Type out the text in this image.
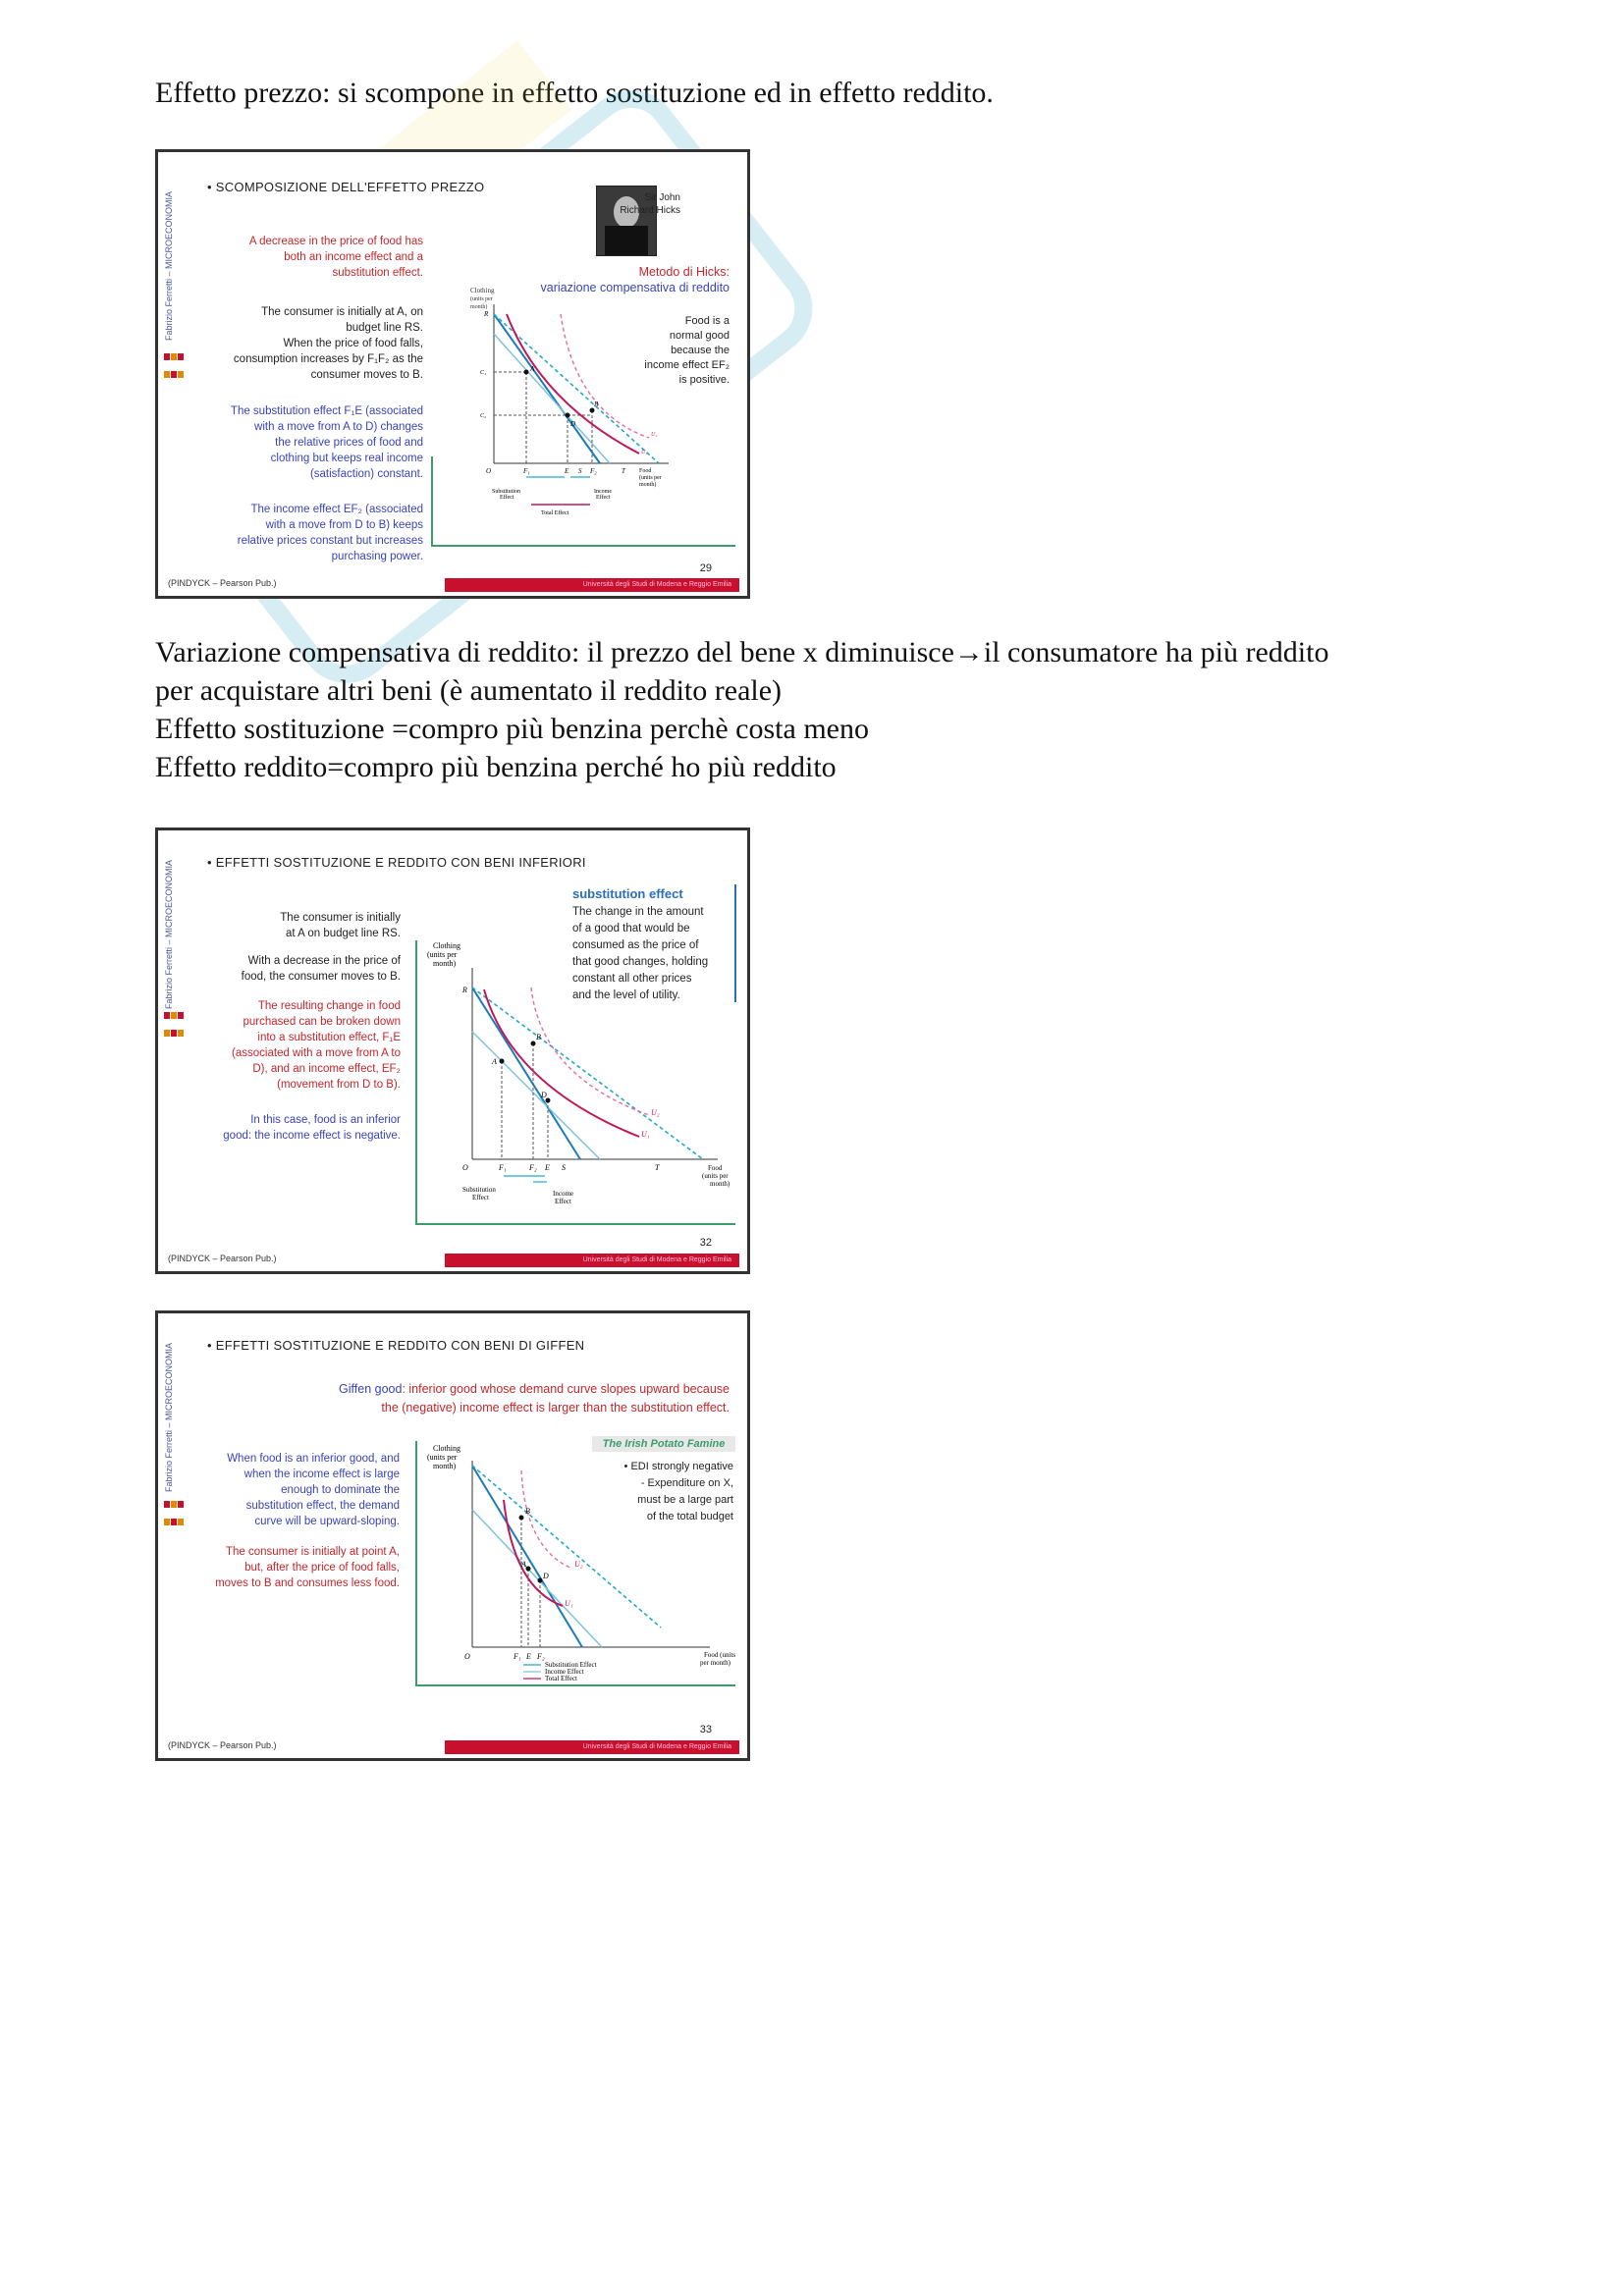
Effetto prezzo: si scompone in effetto sostituzione ed in effetto reddito.
Fabrizio Ferretti – MICROECONOMIA

• SCOMPOSIZIONE DELL'EFFETTO PREZZO
Sir John
Richard Hicks
Metodo di Hicks:
variazione compensativa di reddito
A decrease in the price of food has
both an income effect and a
substitution effect.
The consumer is initially at A, on
budget line RS.
When the price of food falls,
consumption increases by F₁F₂ as the
consumer moves to B.
The substitution effect F₁E (associated
with a move from A to D) changes
the relative prices of food and
clothing but keeps real income
(satisfaction) constant.
The income effect EF₂ (associated
with a move from D to B) keeps
relative prices constant but increases
purchasing power.
Food is a
normal good
because the
income effect EF₂
is positive.
Clothing
(units per
month)
R
A
D
B
O	F₁	E S F₂	T
C₁
C₂
U₁
U₂
Food
(units per
month)
Substitution
Effect
Income
Effect
Total Effect
29
(PINDYCK – Pearson Pub.)	Università degli Studi di Modena e Reggio Emilia
Variazione compensativa di reddito: il prezzo del bene x diminuisce→il consumatore ha più reddito
per acquistare altri beni (è aumentato il reddito reale)
Effetto sostituzione =compro più benzina perchè costa meno
Effetto reddito=compro più benzina perché ho più reddito
Fabrizio Ferretti – MICROECONOMIA
	• EFFETTI SOSTITUZIONE E REDDITO CON BENI INFERIORI
The consumer is initially
at A on budget line RS.
With a decrease in the price of
food, the consumer moves to B.
The resulting change in food
purchased can be broken down
into a substitution effect, F₁E
(associated with a move from A to
D), and an income effect, EF₂
(movement from D to B).
In this case, food is an inferior
good: the income effect is negative.
substitution effect
The change in the amount
of a good that would be
consumed as the price of
that good changes, holding
constant all other prices
and the level of utility.
Clothing
(units per
month)
R
A
B
D
O	F₁	F₂ E S	T
U₁
U₂
Food
(units per
month)
Substitution
Effect	Income
Effect
32
(PINDYCK – Pearson Pub.)	Università degli Studi di Modena e Reggio Emilia
Fabrizio Ferretti – MICROECONOMIA
	• EFFETTI SOSTITUZIONE E REDDITO CON BENI DI GIFFEN
Giffen good: inferior good whose demand curve slopes upward because
the (negative) income effect is larger than the substitution effect.
When food is an inferior good, and
when the income effect is large
enough to dominate the
substitution effect, the demand
curve will be upward-sloping.
The consumer is initially at point A,
but, after the price of food falls,
moves to B and consumes less food.
The Irish Potato Famine
• EDI strongly negative
- Expenditure on X,
must be a large part
of the total budget
Clothing
(units per
month)
B
A
D
O	F₁ E F₂
U₁
U₂
Food (units
per month)
Substitution Effect
Income Effect
Total Effect
33
(PINDYCK – Pearson Pub.)	Università degli Studi di Modena e Reggio Emilia
